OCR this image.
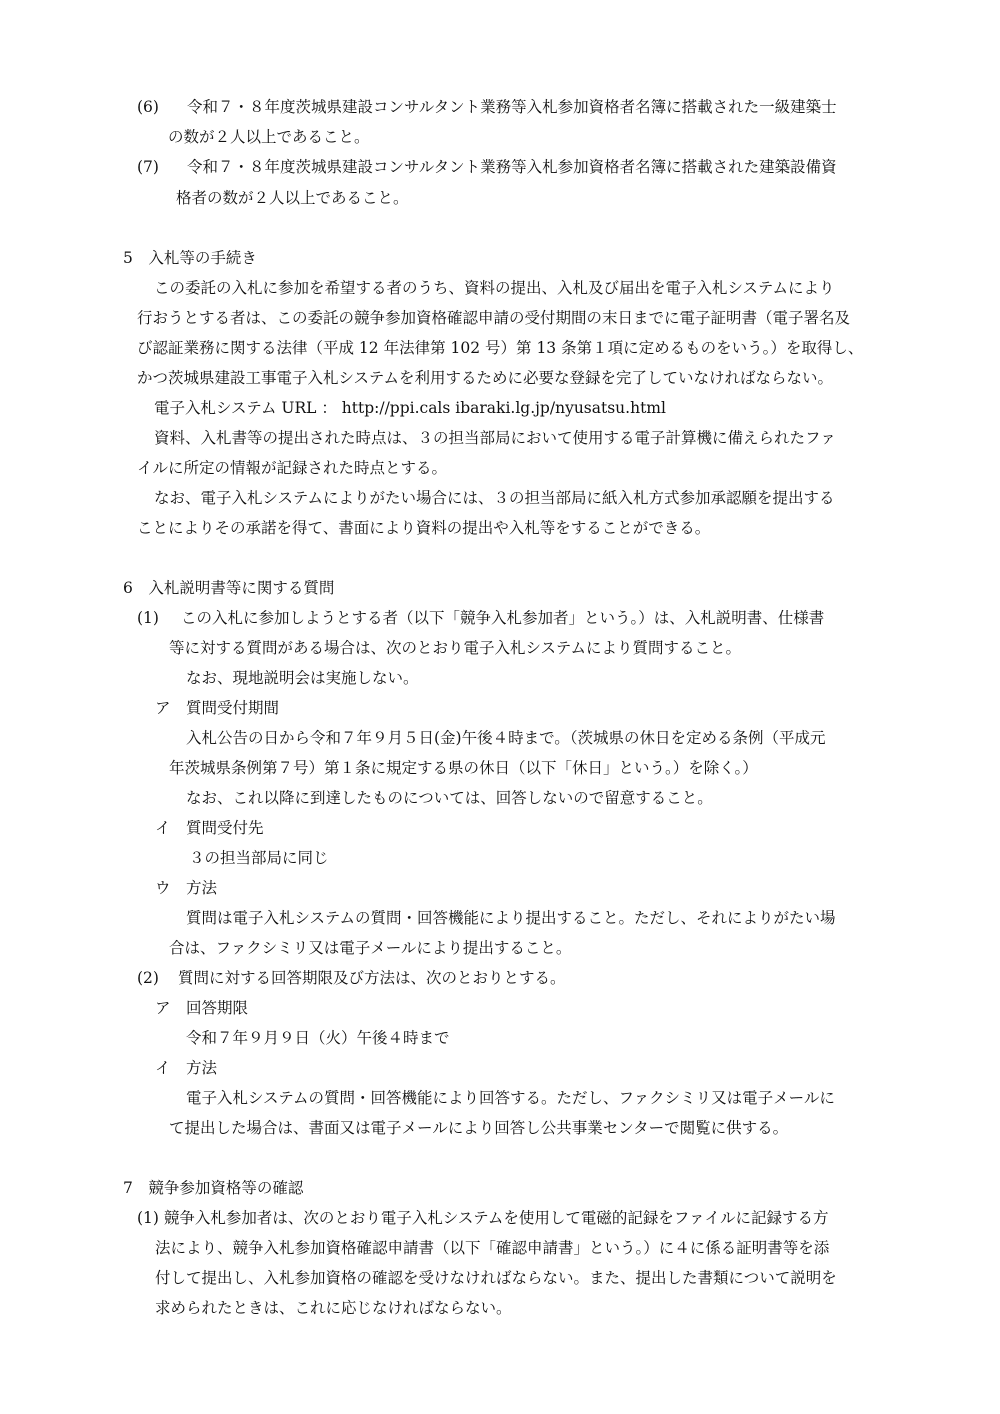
(6) 令和７・８年度茨城県建設コンサルタント業務等入札参加資格者名簿に搭載された一級建築士
の数が２人以上であること。
(7) 令和７・８年度茨城県建設コンサルタント業務等入札参加資格者名簿に搭載された建築設備資
格者の数が２人以上であること。
5　入札等の手続き
この委託の入札に参加を希望する者のうち、資料の提出、入札及び届出を電子入札システムにより
行おうとする者は、この委託の競争参加資格確認申請の受付期間の末日までに電子証明書（電子署名及
び認証業務に関する法律（平成 12 年法律第 102 号）第 13 条第１項に定めるものをいう。）を取得し、
かつ茨城県建設工事電子入札システムを利用するために必要な登録を完了していなければならない。
電子入札システム URL ： http://ppi.cals ibaraki.lg.jp/nyusatsu.html
資料、入札書等の提出された時点は、３の担当部局において使用する電子計算機に備えられたファ
イルに所定の情報が記録された時点とする。
なお、電子入札システムによりがたい場合には、３の担当部局に紙入札方式参加承認願を提出する
ことによりその承諾を得て、書面により資料の提出や入札等をすることができる。
6　入札説明書等に関する質問
(1) この入札に参加しようとする者（以下「競争入札参加者」という。）は、入札説明書、仕様書
等に対する質問がある場合は、次のとおり電子入札システムにより質問すること。
なお、現地説明会は実施しない。
ア　質問受付期間
入札公告の日から令和７年９月５日(金)午後４時まで。（茨城県の休日を定める条例（平成元
年茨城県条例第７号）第１条に規定する県の休日（以下「休日」という。）を除く。）
なお、これ以降に到達したものについては、回答しないので留意すること。
イ　質問受付先
３の担当部局に同じ
ウ　方法
質問は電子入札システムの質問・回答機能により提出すること。ただし、それによりがたい場
合は、ファクシミリ又は電子メールにより提出すること。
(2) 質問に対する回答期限及び方法は、次のとおりとする。
ア　回答期限
令和７年９月９日（火）午後４時まで
イ　方法
電子入札システムの質問・回答機能により回答する。ただし、ファクシミリ又は電子メールに
て提出した場合は、書面又は電子メールにより回答し公共事業センターで閲覧に供する。
7　競争参加資格等の確認
(1) 競争入札参加者は、次のとおり電子入札システムを使用して電磁的記録をファイルに記録する方
法により、競争入札参加資格確認申請書（以下「確認申請書」という。）に４に係る証明書等を添
付して提出し、入札参加資格の確認を受けなければならない。また、提出した書類について説明を
求められたときは、これに応じなければならない。
